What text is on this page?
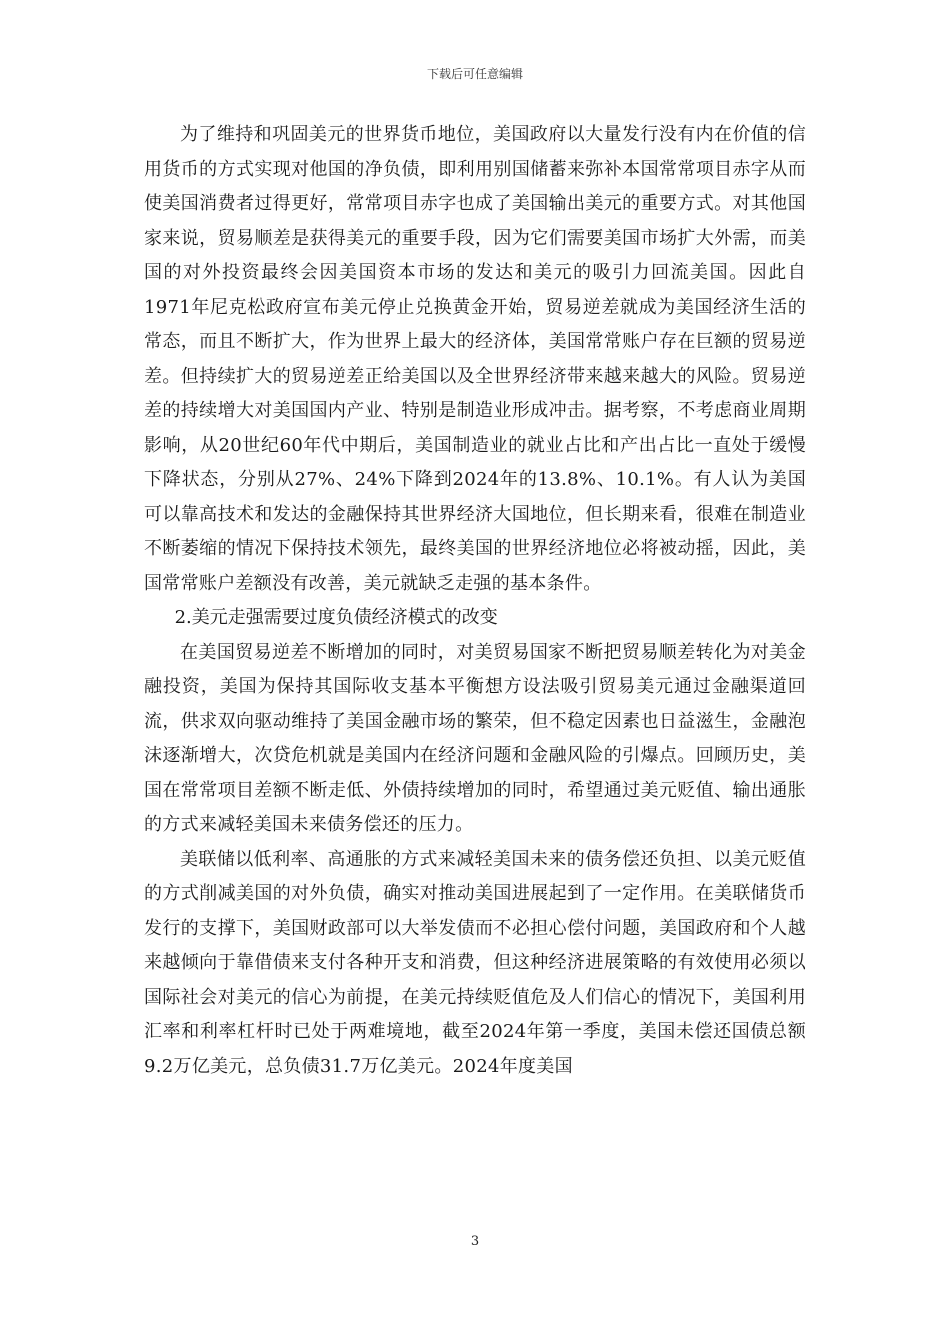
下载后可任意编辑

为了维持和巩固美元的世界货币地位，美国政府以大量发行没有内在价值的信用货币的方式实现对他国的净负债，即利用别国储蓄来弥补本国常常项目赤字从而使美国消费者过得更好，常常项目赤字也成了美国输出美元的重要方式。对其他国家来说，贸易顺差是获得美元的重要手段，因为它们需要美国市场扩大外需，而美国的对外投资最终会因美国资本市场的发达和美元的吸引力回流美国。因此自1971年尼克松政府宣布美元停止兑换黄金开始，贸易逆差就成为美国经济生活的常态，而且不断扩大，作为世界上最大的经济体，美国常常账户存在巨额的贸易逆差。但持续扩大的贸易逆差正给美国以及全世界经济带来越来越大的风险。贸易逆差的持续增大对美国国内产业、特别是制造业形成冲击。据考察，不考虑商业周期影响，从20世纪60年代中期后，美国制造业的就业占比和产出占比一直处于缓慢下降状态，分别从27%、24%下降到2024年的13.8%、10.1%。有人认为美国可以靠高技术和发达的金融保持其世界经济大国地位，但长期来看，很难在制造业不断萎缩的情况下保持技术领先，最终美国的世界经济地位必将被动摇，因此，美国常常账户差额没有改善，美元就缺乏走强的基本条件。

2.美元走强需要过度负债经济模式的改变

在美国贸易逆差不断增加的同时，对美贸易国家不断把贸易顺差转化为对美金融投资，美国为保持其国际收支基本平衡想方设法吸引贸易美元通过金融渠道回流，供求双向驱动维持了美国金融市场的繁荣，但不稳定因素也日益滋生，金融泡沫逐渐增大，次贷危机就是美国内在经济问题和金融风险的引爆点。回顾历史，美国在常常项目差额不断走低、外债持续增加的同时，希望通过美元贬值、输出通胀的方式来减轻美国未来债务偿还的压力。

美联储以低利率、高通胀的方式来减轻美国未来的债务偿还负担、以美元贬值的方式削减美国的对外负债，确实对推动美国进展起到了一定作用。在美联储货币发行的支撑下，美国财政部可以大举发债而不必担心偿付问题，美国政府和个人越来越倾向于靠借债来支付各种开支和消费，但这种经济进展策略的有效使用必须以国际社会对美元的信心为前提，在美元持续贬值危及人们信心的情况下，美国利用汇率和利率杠杆时已处于两难境地，截至2024年第一季度，美国未偿还国债总额9.2万亿美元，总负债31.7万亿美元。2024年度美国

3
